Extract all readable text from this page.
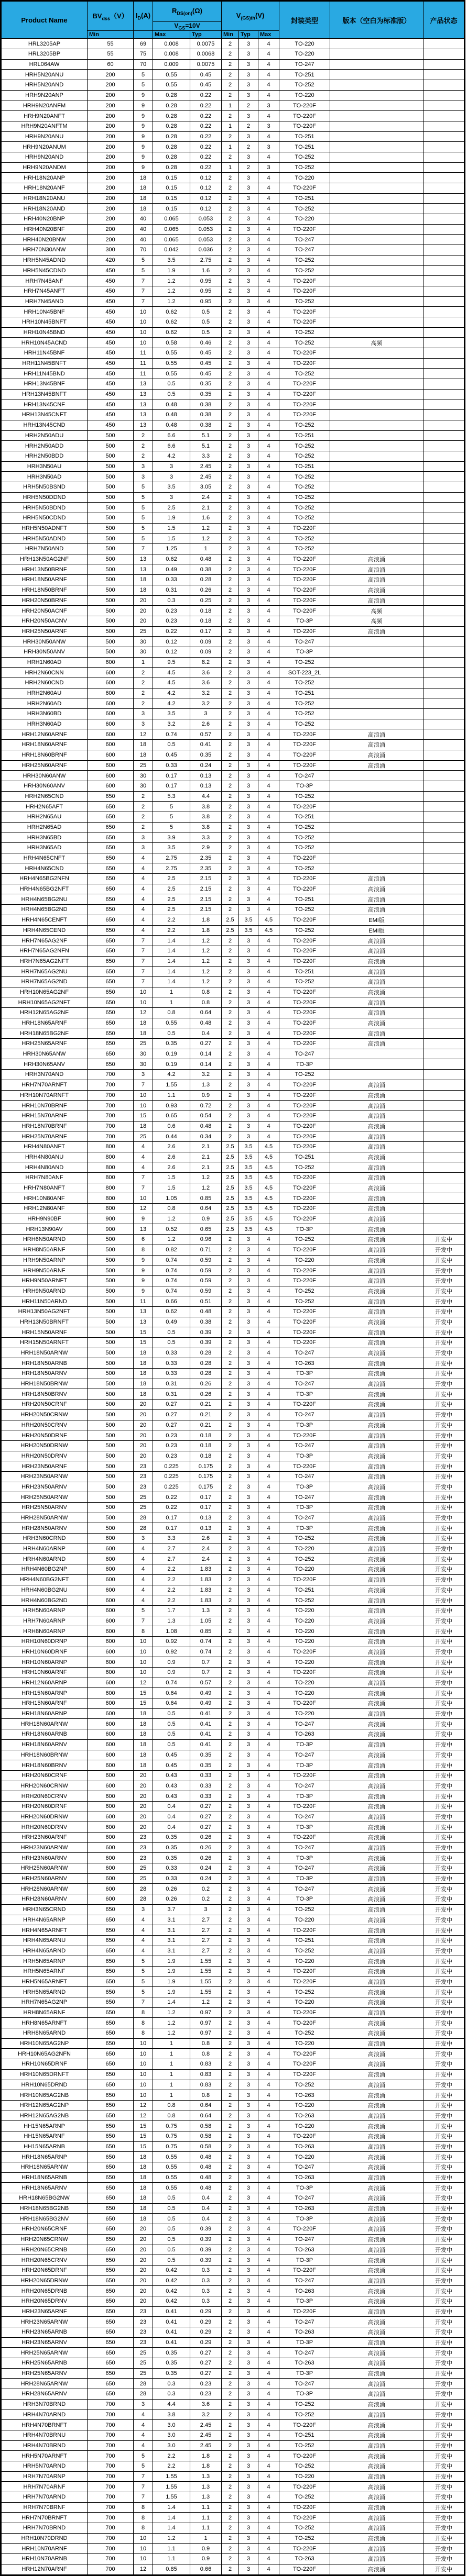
Product Name	$BV_{dss}(V)$	$I_D(A)$	$R_{DS(on)}(\Omega)$		$V_{(GS)th}(V)$			封装类型	版本（空白为标准版）	产品状态
			$V_{GS}=10V$							
	Min		Max	Typ	Min	Typ	Max			
HRL3205AP	55	69	0.008	0.0075	2	3	4	TO-220		
HRL3205BP	55	75	0.008	0.0068	2	3	4	TO-220		
HRL064AW	60	70	0.009	0.0075	2	3	4	TO-247		
HRH5N20ANU	200	5	0.55	0.45	2	3	4	TO-251		
HRH5N20AND	200	5	0.55	0.45	2	3	4	TO-252		
HRH9N20ANP	200	9	0.28	0.22	2	3	4	TO-220		
HRH9N20ANFM	200	9	0.28	0.22	1	2	3	TO-220F		
HRH9N20ANFT	200	9	0.28	0.22	2	3	4	TO-220F		
HRH9N20ANFTM	200	9	0.28	0.22	1	2	3	TO-220F		
HRH9N20ANU	200	9	0.28	0.22	2	3	4	TO-251		
HRH9N20ANUM	200	9	0.28	0.22	1	2	3	TO-251		
HRH9N20AND	200	9	0.28	0.22	2	3	4	TO-252		
HRH9N20ANDM	200	9	0.28	0.22	1	2	3	TO-252		
HRH18N20ANP	200	18	0.15	0.12	2	3	4	TO-220		
HRH18N20ANF	200	18	0.15	0.12	2	3	4	TO-220F		
HRH18N20ANU	200	18	0.15	0.12	2	3	4	TO-251		
HRH18N20AND	200	18	0.15	0.12	2	3	4	TO-252		
HRH40N20BNP	200	40	0.065	0.053	2	3	4	TO-220		
HRH40N20BNF	200	40	0.065	0.053	2	3	4	TO-220F		
HRH40N20BNW	200	40	0.065	0.053	2	3	4	TO-247		
HRH70N30ANW	300	70	0.042	0.036	2	3	4	TO-247		
HRH5N45ADND	420	5	3.5	2.75	2	3	4	TO-252		
HRH5N45CDND	450	5	1.9	1.6	2	3	4	TO-252		
HRH7N45ANF	450	7	1.2	0.95	2	3	4	TO-220F		
HRH7N45ANFT	450	7	1.2	0.95	2	3	4	TO-220F		
HRH7N45AND	450	7	1.2	0.95	2	3	4	TO-252		
HRH10N45BNF	450	10	0.62	0.5	2	3	4	TO-220F		
HRH10N45BNFT	450	10	0.62	0.5	2	3	4	TO-220F		
HRH10N45BND	450	10	0.62	0.5	2	3	4	TO-252		
HRH10N45ACND	450	10	0.58	0.46	2	3	4	TO-252	高频	
HRH11N45BNF	450	11	0.55	0.45	2	3	4	TO-220F		
HRH11N45BNFT	450	11	0.55	0.45	2	3	4	TO-220F		
HRH11N45BND	450	11	0.55	0.45	2	3	4	TO-252		
HRH13N45BNF	450	13	0.5	0.35	2	3	4	TO-220F		
HRH13N45BNFT	450	13	0.5	0.35	2	3	4	TO-220F		
HRH13N45CNF	450	13	0.48	0.38	2	3	4	TO-220F		
HRH13N45CNFT	450	13	0.48	0.38	2	3	4	TO-220F		
HRH13N45CND	450	13	0.48	0.38	2	3	4	TO-252		
HRH2N50ADU	500	2	6.6	5.1	2	3	4	TO-251		
HRH2N50ADD	500	2	6.6	5.1	2	3	4	TO-252		
HRH2N50BDD	500	2	4.2	3.3	2	3	4	TO-252		
HRH3N50AU	500	3	3	2.45	2	3	4	TO-251		
HRH3N50AD	500	3	3	2.45	2	3	4	TO-252		
HRH5N50BSND	500	5	3.5	3.05	2	3	4	TO-252		
HRH5N50DDND	500	5	3	2.4	2	3	4	TO-252		
HRH5N50BDND	500	5	2.5	2.1	2	3	4	TO-252		
HRH5N50CDND	500	5	1.9	1.6	2	3	4	TO-252		
HRH5N50ADNFT	500	5	1.5	1.2	2	3	4	TO-220F		
HRH5N50ADND	500	5	1.5	1.2	2	3	4	TO-252		
HRH7N50AND	500	7	1.25	1	2	3	4	TO-252		
HRH13N50AG2NF	500	13	0.62	0.48	2	3	4	TO-220F	高浪涌	
HRH13N50BRNF	500	13	0.49	0.38	2	3	4	TO-220F	高浪涌	
HRH18N50ARNF	500	18	0.33	0.28	2	3	4	TO-220F	高浪涌	
HRH18N50BRNF	500	18	0.31	0.26	2	3	4	TO-220F	高浪涌	
HRH20N50BRNF	500	20	0.3	0.25	2	3	4	TO-220F	高浪涌	
HRH20N50ACNF	500	20	0.23	0.18	2	3	4	TO-220F	高频	
HRH20N50ACNV	500	20	0.23	0.18	2	3	4	TO-3P	高频	
HRH25N50ARNF	500	25	0.22	0.17	2	3	4	TO-220F	高浪涌	
HRH30N50ANW	500	30	0.12	0.09	2	3	4	TO-247		
HRH30N50ANV	500	30	0.12	0.09	2	3	4	TO-3P		
HRH1N60AD	600	1	9.5	8.2	2	3	4	TO-252		
HRH2N60CNN	600	2	4.5	3.6	2	3	4	SOT-223_2L		
HRH2N60CND	600	2	4.5	3.6	2	3	4	TO-252		
HRH2N60AU	600	2	4.2	3.2	2	3	4	TO-251		
HRH2N60AD	600	2	4.2	3.2	2	3	4	TO-252		
HRH3N60BD	600	3	3.5	3	2	3	4	TO-252		
HRH3N60AD	600	3	3.2	2.6	2	3	4	TO-252		
HRH12N60ARNF	600	12	0.74	0.57	2	3	4	TO-220F	高浪涌	
HRH18N60ARNF	600	18	0.5	0.41	2	3	4	TO-220F	高浪涌	
HRH18N60BRNF	600	18	0.45	0.35	2	3	4	TO-220F	高浪涌	
HRH25N60ARNF	600	25	0.33	0.24	2	3	4	TO-220F	高浪涌	
HRH30N60ANW	600	30	0.17	0.13	2	3	4	TO-247		
HRH30N60ANV	600	30	0.17	0.13	2	3	4	TO-3P		
HRH2N65CND	650	2	5.3	4.4	2	3	4	TO-252		
HRH2N65AFT	650	2	5	3.8	2	3	4	TO-220F		
HRH2N65AU	650	2	5	3.8	2	3	4	TO-251		
HRH2N65AD	650	2	5	3.8	2	3	4	TO-252		
HRH3N65BD	650	3	3.9	3.3	2	3	4	TO-252		
HRH3N65AD	650	3	3.5	2.9	2	3	4	TO-252		
HRH4N65CNFT	650	4	2.75	2.35	2	3	4	TO-220F		
HRH4N65CND	650	4	2.75	2.35	2	3	4	TO-252		
HRH4N65BG2NFN	650	4	2.5	2.15	2	3	4	TO-220F	高浪涌	
HRH4N65BG2NFT	650	4	2.5	2.15	2	3	4	TO-220F	高浪涌	
HRH4N65BG2NU	650	4	2.5	2.15	2	3	4	TO-251	高浪涌	
HRH4N65BG2ND	650	4	2.5	2.15	2	3	4	TO-252	高浪涌	
HRH4N65CENFT	650	4	2.2	1.8	2.5	3.5	4.5	TO-220F	EMI版	
HRH4N65CEND	650	4	2.2	1.8	2.5	3.5	4.5	TO-252	EMI版	
HRH7N65AG2NF	650	7	1.4	1.2	2	3	4	TO-220F	高浪涌	
HRH7N65AG2NFN	650	7	1.4	1.2	2	3	4	TO-220F	高浪涌	
HRH7N65AG2NFT	650	7	1.4	1.2	2	3	4	TO-220F	高浪涌	
HRH7N65AG2NU	650	7	1.4	1.2	2	3	4	TO-251	高浪涌	
HRH7N65AG2ND	650	7	1.4	1.2	2	3	4	TO-252	高浪涌	
HRH10N65AG2NF	650	10	1	0.8	2	3	4	TO-220F	高浪涌	
HRH10N65AG2NFT	650	10	1	0.8	2	3	4	TO-220F	高浪涌	
HRH12N65AG2NF	650	12	0.8	0.64	2	3	4	TO-220F	高浪涌	
HRH18N65ARNF	650	18	0.55	0.48	2	3	4	TO-220F	高浪涌	
HRH18N65BG2NF	650	18	0.5	0.4	2	3	4	TO-220F	高浪涌	
HRH25N65ARNF	650	25	0.35	0.27	2	3	4	TO-220F	高浪涌	
HRH30N65ANW	650	30	0.19	0.14	2	3	4	TO-247		
HRH30N65ANV	650	30	0.19	0.14	2	3	4	TO-3P		
HRH3N70AND	700	3	4.2	3.2	2	3	4	TO-252		
HRH7N70ARNFT	700	7	1.55	1.3	2	3	4	TO-220F	高浪涌	
HRH10N70ARNFT	700	10	1.1	0.9	2	3	4	TO-220F	高浪涌	
HRH10N70BRNF	700	10	0.93	0.72	2	3	4	TO-220F	高浪涌	
HRH15N70ARNF	700	15	0.65	0.54	2	3	4	TO-220F	高浪涌	
HRH18N70BRNF	700	18	0.6	0.48	2	3	4	TO-220F	高浪涌	
HRH25N70ARNF	700	25	0.44	0.34	2	3	4	TO-220F	高浪涌	
HRH4N80ANFT	800	4	2.6	2.1	2.5	3.5	4.5	TO-220F	高浪涌	
HRH4N80ANU	800	4	2.6	2.1	2.5	3.5	4.5	TO-251	高浪涌	
HRH4N80AND	800	4	2.6	2.1	2.5	3.5	4.5	TO-252	高浪涌	
HRH7N80ANF	800	7	1.5	1.2	2.5	3.5	4.5	TO-220F	高浪涌	
HRH7N80ANFT	800	7	1.5	1.2	2.5	3.5	4.5	TO-220F	高浪涌	
HRH10N80ANF	800	10	1.05	0.85	2.5	3.5	4.5	TO-220F	高浪涌	
HRH12N80ANF	800	12	0.8	0.64	2.5	3.5	4.5	TO-220F	高浪涌	
HRH9N90BF	900	9	1.2	0.9	2.5	3.5	4.5	TO-220F	高浪涌	
HRH13N90AV	900	13	0.52	0.65	2.5	3.5	4.5	TO-3P	高浪涌	
HRH6N50ARND	500	6	1.2	0.96	2	3	4	TO-252	高浪涌	开发中
HRH8N50ARNF	500	8	0.82	0.71	2	3	4	TO-220F	高浪涌	开发中
HRH9N50ARNP	500	9	0.74	0.59	2	3	4	TO-220	高浪涌	开发中
HRH9N50ARNF	500	9	0.74	0.59	2	3	4	TO-220F	高浪涌	开发中
HRH9N50ARNFT	500	9	0.74	0.59	2	3	4	TO-220F	高浪涌	开发中
HRH9N50ARND	500	9	0.74	0.59	2	3	4	TO-252	高浪涌	开发中
HRH11N50ARND	500	11	0.66	0.51	2	3	4	TO-252	高浪涌	开发中
HRH13N50AG2NFT	500	13	0.62	0.48	2	3	4	TO-220F	高浪涌	开发中
HRH13N50BRNFT	500	13	0.49	0.38	2	3	4	TO-220F	高浪涌	开发中
HRH15N50ARNF	500	15	0.5	0.39	2	3	4	TO-220F	高浪涌	开发中
HRH15N50ARNFT	500	15	0.5	0.39	2	3	4	TO-220F	高浪涌	开发中
HRH18N50ARNW	500	18	0.33	0.28	2	3	4	TO-247	高浪涌	开发中
HRH18N50ARNB	500	18	0.33	0.28	2	3	4	TO-263	高浪涌	开发中
HRH18N50ARNV	500	18	0.33	0.28	2	3	4	TO-3P	高浪涌	开发中
HRH18N50BRNW	500	18	0.31	0.26	2	3	4	TO-247	高浪涌	开发中
HRH18N50BRNV	500	18	0.31	0.26	2	3	4	TO-3P	高浪涌	开发中
HRH20N50CRNF	500	20	0.27	0.21	2	3	4	TO-220F	高浪涌	开发中
HRH20N50CRNW	500	20	0.27	0.21	2	3	4	TO-247	高浪涌	开发中
HRH20N50CRNV	500	20	0.27	0.21	2	3	4	TO-3P	高浪涌	开发中
HRH20N50DRNF	500	20	0.23	0.18	2	3	4	TO-220F	高浪涌	开发中
HRH20N50DRNW	500	20	0.23	0.18	2	3	4	TO-247	高浪涌	开发中
HRH20N50DRNV	500	20	0.23	0.18	2	3	4	TO-3P	高浪涌	开发中
HRH23N50ARNF	500	23	0.225	0.175	2	3	4	TO-220F	高浪涌	开发中
HRH23N50ARNW	500	23	0.225	0.175	2	3	4	TO-247	高浪涌	开发中
HRH23N50ARNV	500	23	0.225	0.175	2	3	4	TO-3P	高浪涌	开发中
HRH25N50ARNW	500	25	0.22	0.17	2	3	4	TO-247	高浪涌	开发中
HRH25N50ARNV	500	25	0.22	0.17	2	3	4	TO-3P	高浪涌	开发中
HRH28N50ARNW	500	28	0.17	0.13	2	3	4	TO-247	高浪涌	开发中
HRH28N50ARNV	500	28	0.17	0.13	2	3	4	TO-3P	高浪涌	开发中
HRH3N60CRND	600	3	3.3	2.6	2	3	4	TO-252	高浪涌	开发中
HRH4N60ARNP	600	4	2.7	2.4	2	3	4	TO-220	高浪涌	开发中
HRH4N60ARND	600	4	2.7	2.4	2	3	4	TO-252	高浪涌	开发中
HRH4N60BG2NP	600	4	2.2	1.83	2	3	4	TO-220	高浪涌	开发中
HRH4N60BG2NFT	600	4	2.2	1.83	2	3	4	TO-220F	高浪涌	开发中
HRH4N60BG2NU	600	4	2.2	1.83	2	3	4	TO-251	高浪涌	开发中
HRH4N60BG2ND	600	4	2.2	1.83	2	3	4	TO-252	高浪涌	开发中
HRH5N60ARNP	600	5	1.7	1.3	2	3	4	TO-220	高浪涌	开发中
HRH7N60ARNP	600	7	1.3	1.05	2	3	4	TO-220	高浪涌	开发中
HRH8N60ARNP	600	8	1.08	0.85	2	3	4	TO-220	高浪涌	开发中
HRH10N60DRNP	600	10	0.92	0.74	2	3	4	TO-220	高浪涌	开发中
HRH10N60DRNF	600	10	0.92	0.74	2	3	4	TO-220F	高浪涌	开发中
HRH10N60ARNP	600	10	0.9	0.7	2	3	4	TO-220	高浪涌	开发中
HRH10N60ARNF	600	10	0.9	0.7	2	3	4	TO-220F	高浪涌	开发中
HRH12N60ARNP	600	12	0.74	0.57	2	3	4	TO-220	高浪涌	开发中
HRH15N60ARNP	600	15	0.64	0.49	2	3	4	TO-220	高浪涌	开发中
HRH15N60ARNF	600	15	0.64	0.49	2	3	4	TO-220F	高浪涌	开发中
HRH18N60ARNP	600	18	0.5	0.41	2	3	4	TO-220	高浪涌	开发中
HRH18N60ARNW	600	18	0.5	0.41	2	3	4	TO-247	高浪涌	开发中
HRH18N60ARNB	600	18	0.5	0.41	2	3	4	TO-263	高浪涌	开发中
HRH18N60ARNV	600	18	0.5	0.41	2	3	4	TO-3P	高浪涌	开发中
HRH18N60BRNW	600	18	0.45	0.35	2	3	4	TO-247	高浪涌	开发中
HRH18N60BRNV	600	18	0.45	0.35	2	3	4	TO-3P	高浪涌	开发中
HRH20N60CRNF	600	20	0.43	0.33	2	3	4	TO-220F	高浪涌	开发中
HRH20N60CRNW	600	20	0.43	0.33	2	3	4	TO-247	高浪涌	开发中
HRH20N60CRNV	600	20	0.43	0.33	2	3	4	TO-3P	高浪涌	开发中
HRH20N60DRNF	600	20	0.4	0.27	2	3	4	TO-220F	高浪涌	开发中
HRH20N60DRNW	600	20	0.4	0.27	2	3	4	TO-247	高浪涌	开发中
HRH20N60DRNV	600	20	0.4	0.27	2	3	4	TO-3P	高浪涌	开发中
HRH23N60ARNF	600	23	0.35	0.26	2	3	4	TO-220F	高浪涌	开发中
HRH23N60ARNW	600	23	0.35	0.26	2	3	4	TO-247	高浪涌	开发中
HRH23N60ARNV	600	23	0.35	0.26	2	3	4	TO-3P	高浪涌	开发中
HRH25N60ARNW	600	25	0.33	0.24	2	3	4	TO-247	高浪涌	开发中
HRH25N60ARNV	600	25	0.33	0.24	2	3	4	TO-3P	高浪涌	开发中
HRH28N60ARNW	600	28	0.26	0.2	2	3	4	TO-247	高浪涌	开发中
HRH28N60ARNV	600	28	0.26	0.2	2	3	4	TO-3P	高浪涌	开发中
HRH3N65CRND	650	3	3.7	3	2	3	4	TO-252	高浪涌	开发中
HRH4N65ARNP	650	4	3.1	2.7	2	3	4	TO-220	高浪涌	开发中
HRH4N65ARNFT	650	4	3.1	2.7	2	3	4	TO-220F	高浪涌	开发中
HRH4N65ARNU	650	4	3.1	2.7	2	3	4	TO-251	高浪涌	开发中
HRH4N65ARND	650	4	3.1	2.7	2	3	4	TO-252	高浪涌	开发中
HRH5N65ARNP	650	5	1.9	1.55	2	3	4	TO-220	高浪涌	开发中
HRH5N65ARNF	650	5	1.9	1.55	2	3	4	TO-220F	高浪涌	开发中
HRH5N65ARNFT	650	5	1.9	1.55	2	3	4	TO-220F	高浪涌	开发中
HRH5N65ARND	650	5	1.9	1.55	2	3	4	TO-252	高浪涌	开发中
HRH7N65AG2NP	650	7	1.4	1.2	2	3	4	TO-220	高浪涌	开发中
HRH8N65ARNF	650	8	1.2	0.97	2	3	4	TO-220F	高浪涌	开发中
HRH8N65ARNFT	650	8	1.2	0.97	2	3	4	TO-220F	高浪涌	开发中
HRH8N65ARND	650	8	1.2	0.97	2	3	4	TO-252	高浪涌	开发中
HRH10N65AG2NP	650	10	1	0.8	2	3	4	TO-220	高浪涌	开发中
HRH10N65AG2NFN	650	10	1	0.8	2	3	4	TO-220F	高浪涌	开发中
HRH10N65DRNF	650	10	1	0.83	2	3	4	TO-220F	高浪涌	开发中
HRH10N65DRNFT	650	10	1	0.83	2	3	4	TO-220F	高浪涌	开发中
HRH10N65DRND	650	10	1	0.83	2	3	4	TO-252	高浪涌	开发中
HRH10N65AG2NB	650	10	1	0.8	2	3	4	TO-263	高浪涌	开发中
HRH12N65AG2NP	650	12	0.8	0.64	2	3	4	TO-220	高浪涌	开发中
HRH12N65AG2NB	650	12	0.8	0.64	2	3	4	TO-263	高浪涌	开发中
HH15N65ARNP	650	15	0.75	0.58	2	3	4	TO-220	高浪涌	开发中
HH15N65ARNF	650	15	0.75	0.58	2	3	4	TO-220F	高浪涌	开发中
HH15N65ARNB	650	15	0.75	0.58	2	3	4	TO-263	高浪涌	开发中
HRH18N65ARNP	650	18	0.55	0.48	2	3	4	TO-220	高浪涌	开发中
HRH18N65ARNW	650	18	0.55	0.48	2	3	4	TO-247	高浪涌	开发中
HRH18N65ARNB	650	18	0.55	0.48	2	3	4	TO-263	高浪涌	开发中
HRH18N65ARNV	650	18	0.55	0.48	2	3	4	TO-3P	高浪涌	开发中
HRH18N65BG2NW	650	18	0.5	0.4	2	3	4	TO-247	高浪涌	开发中
HRH18N65BG2NB	650	18	0.5	0.4	2	3	4	TO-263	高浪涌	开发中
HRH18N65BG2NV	650	18	0.5	0.4	2	3	4	TO-3P	高浪涌	开发中
HRH20N65CRNF	650	20	0.5	0.39	2	3	4	TO-220F	高浪涌	开发中
HRH20N65CRNW	650	20	0.5	0.39	2	3	4	TO-247	高浪涌	开发中
HRH20N65CRNB	650	20	0.5	0.39	2	3	4	TO-263	高浪涌	开发中
HRH20N65CRNV	650	20	0.5	0.39	2	3	4	TO-3P	高浪涌	开发中
HRH20N65DRNF	650	20	0.42	0.3	2	3	4	TO-220F	高浪涌	开发中
HRH20N65DRNW	650	20	0.42	0.3	2	3	4	TO-247	高浪涌	开发中
HRH20N65DRNB	650	20	0.42	0.3	2	3	4	TO-263	高浪涌	开发中
HRH20N65DRNV	650	20	0.42	0.3	2	3	4	TO-3P	高浪涌	开发中
HRH23N65ARNF	650	23	0.41	0.29	2	3	4	TO-220F	高浪涌	开发中
HRH23N65ARNW	650	23	0.41	0.29	2	3	4	TO-247	高浪涌	开发中
HRH23N65ARNB	650	23	0.41	0.29	2	3	4	TO-263	高浪涌	开发中
HRH23N65ARNV	650	23	0.41	0.29	2	3	4	TO-3P	高浪涌	开发中
HRH25N65ARNW	650	25	0.35	0.27	2	3	4	TO-247	高浪涌	开发中
HRH25N65ARNB	650	25	0.35	0.27	2	3	4	TO-263	高浪涌	开发中
HRH25N65ARNV	650	25	0.35	0.27	2	3	4	TO-3P	高浪涌	开发中
HRH28N65ARNW	650	28	0.3	0.23	2	3	4	TO-247	高浪涌	开发中
HRH28N65ARNV	650	28	0.3	0.23	2	3	4	TO-3P	高浪涌	开发中
HRH3N70BRND	700	3	4.4	3.6	2	3	4	TO-252	高浪涌	开发中
HRH4N70ARND	700	4	3.8	3.2	2	3	4	TO-252	高浪涌	开发中
HRH4N70BRNFT	700	4	3.0	2.45	2	3	4	TO-220F	高浪涌	开发中
HRH4N70BRNU	700	4	3.0	2.45	2	3	4	TO-251	高浪涌	开发中
HRH4N70BRND	700	4	3.0	2.45	2	3	4	TO-252	高浪涌	开发中
HRH5N70ARNFT	700	5	2.2	1.8	2	3	4	TO-220F	高浪涌	开发中
HRH5N70ARND	700	5	2.2	1.8	2	3	4	TO-252	高浪涌	开发中
HRH7N70ARNP	700	7	1.55	1.3	2	3	4	TO-220	高浪涌	开发中
HRH7N70ARNF	700	7	1.55	1.3	2	3	4	TO-220F	高浪涌	开发中
HRH7N70ARND	700	7	1.55	1.3	2	3	4	TO-252	高浪涌	开发中
HRH7N70BRNF	700	8	1.4	1.1	2	3	4	TO-220F	高浪涌	开发中
HRH7N70BRNFT	700	8	1.4	1.1	2	3	4	TO-220F	高浪涌	开发中
HRH7N70BRND	700	8	1.4	1.1	2	3	4	TO-252	高浪涌	开发中
HRH10N70DRND	700	10	1.2	1	2	3	4	TO-252	高浪涌	开发中
HRH10N70ARNF	700	10	1.1	0.9	2	3	4	TO-220F	高浪涌	开发中
HRH10N70ARNB	700	10	1.1	0.9	2	3	4	TO-263	高浪涌	开发中
HRH12N70ARNF	700	12	0.85	0.66	2	3	4	TO-220F	高浪涌	开发中
